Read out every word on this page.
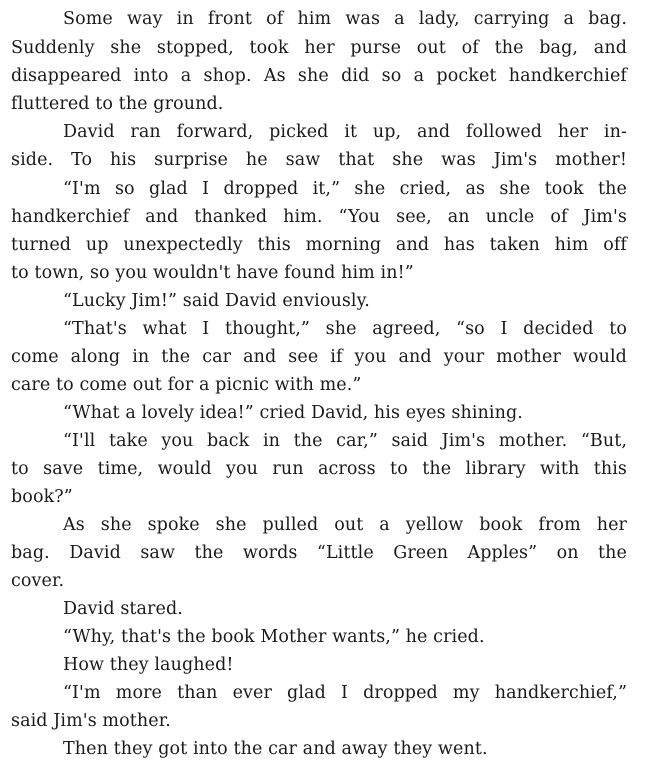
Some way in front of him was a lady, carrying a bag.
Suddenly she stopped, took her purse out of the bag, and
disappeared into a shop. As she did so a pocket handkerchief
fluttered to the ground.
David ran forward, picked it up, and followed her in-
side. To his surprise he saw that she was Jim's mother!
“I'm so glad I dropped it,” she cried, as she took the
handkerchief and thanked him. “You see, an uncle of Jim's
turned up unexpectedly this morning and has taken him off
to town, so you wouldn't have found him in!”
“Lucky Jim!” said David enviously.
“That's what I thought,” she agreed, “so I decided to
come along in the car and see if you and your mother would
care to come out for a picnic with me.”
“What a lovely idea!” cried David, his eyes shining.
“I'll take you back in the car,” said Jim's mother. “But,
to save time, would you run across to the library with this
book?”
As she spoke she pulled out a yellow book from her
bag. David saw the words “Little Green Apples” on the
cover.
David stared.
“Why, that's the book Mother wants,” he cried.
How they laughed!
“I'm more than ever glad I dropped my handkerchief,”
said Jim's mother.
Then they got into the car and away they went.
